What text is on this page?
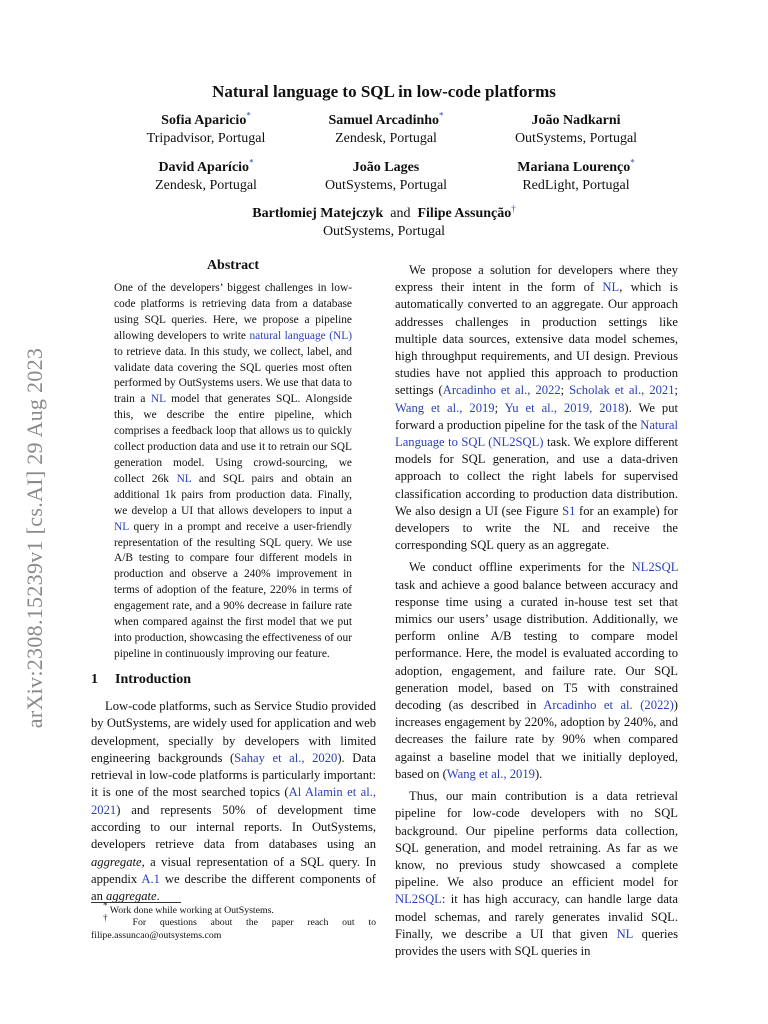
arXiv:2308.15239v1 [cs.AI] 29 Aug 2023
Natural language to SQL in low-code platforms
Sofia Aparicio*
Tripadvisor, Portugal
Samuel Arcadinho*
Zendesk, Portugal
João Nadkarni
OutSystems, Portugal
David Aparício*
Zendesk, Portugal
João Lages
OutSystems, Portugal
Mariana Lourenço*
RedLight, Portugal
Bartłomiej Matejczyk and Filipe Assunção†
OutSystems, Portugal
Abstract
One of the developers’ biggest challenges in low-code platforms is retrieving data from a database using SQL queries. Here, we propose a pipeline allowing developers to write natural language (NL) to retrieve data. In this study, we collect, label, and validate data covering the SQL queries most often performed by OutSystems users. We use that data to train a NL model that generates SQL. Alongside this, we describe the entire pipeline, which comprises a feedback loop that allows us to quickly collect production data and use it to retrain our SQL generation model. Using crowd-sourcing, we collect 26k NL and SQL pairs and obtain an additional 1k pairs from production data. Finally, we develop a UI that allows developers to input a NL query in a prompt and receive a user-friendly representation of the resulting SQL query. We use A/B testing to compare four different models in production and observe a 240% improvement in terms of adoption of the feature, 220% in terms of engagement rate, and a 90% decrease in failure rate when compared against the first model that we put into production, showcasing the effectiveness of our pipeline in continuously improving our feature.
1 Introduction

Low-code platforms, such as Service Studio provided by OutSystems, are widely used for application and web development, specially by developers with limited engineering backgrounds (Sahay et al., 2020). Data retrieval in low-code platforms is particularly important: it is one of the most searched topics (Al Alamin et al., 2021) and represents 50% of development time according to our internal reports. In OutSystems, developers retrieve data from databases using an aggregate, a visual representation of a SQL query. In appendix A.1 we describe the different components of an aggregate.

* Work done while working at OutSystems.

† For questions about the paper reach out to filipe.assuncao@outsystems.com

We propose a solution for developers where they express their intent in the form of NL, which is automatically converted to an aggregate. Our approach addresses challenges in production settings like multiple data sources, extensive data model schemes, high throughput requirements, and UI design. Previous studies have not applied this approach to production settings (Arcadinho et al., 2022; Scholak et al., 2021; Wang et al., 2019; Yu et al., 2019, 2018). We put forward a production pipeline for the task of the Natural Language to SQL (NL2SQL) task. We explore different models for SQL generation, and use a data-driven approach to collect the right labels for supervised classification according to production data distribution. We also design a UI (see Figure S1 for an example) for developers to write the NL and receive the corresponding SQL query as an aggregate.

We conduct offline experiments for the NL2SQL task and achieve a good balance between accuracy and response time using a curated in-house test set that mimics our users’ usage distribution. Additionally, we perform online A/B testing to compare model performance. Here, the model is evaluated according to adoption, engagement, and failure rate. Our SQL generation model, based on T5 with constrained decoding (as described in Arcadinho et al. (2022)) increases engagement by 220%, adoption by 240%, and decreases the failure rate by 90% when compared against a baseline model that we initially deployed, based on (Wang et al., 2019).

Thus, our main contribution is a data retrieval pipeline for low-code developers with no SQL background. Our pipeline performs data collection, SQL generation, and model retraining. As far as we know, no previous study showcased a complete pipeline. We also produce an efficient model for NL2SQL: it has high accuracy, can handle large data model schemas, and rarely generates invalid SQL. Finally, we describe a UI that given NL queries provides the users with SQL queries in
